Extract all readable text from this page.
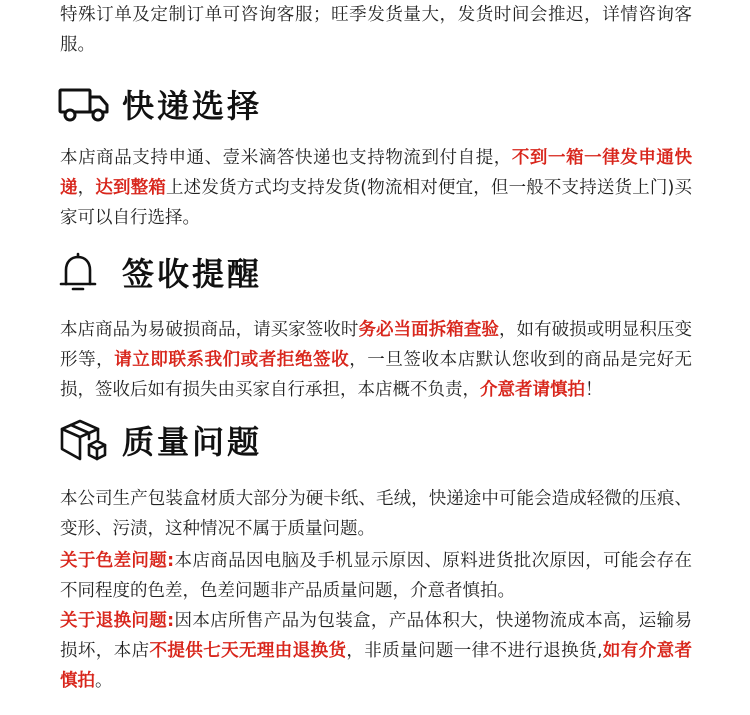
特殊订单及定制订单可咨询客服；旺季发货量大，发货时间会推迟，详情咨询客服。

快递选择

本店商品支持申通、壹米滴答快递也支持物流到付自提，不到一箱一律发申通快递，达到整箱上述发货方式均支持发货(物流相对便宜，但一般不支持送货上门)买家可以自行选择。

签收提醒

本店商品为易破损商品，请买家签收时务必当面拆箱查验，如有破损或明显积压变形等，请立即联系我们或者拒绝签收，一旦签收本店默认您收到的商品是完好无损，签收后如有损失由买家自行承担，本店概不负责，介意者请慎拍！

质量问题

本公司生产包装盒材质大部分为硬卡纸、毛绒，快递途中可能会造成轻微的压痕、变形、污渍，这种情况不属于质量问题。

关于色差问题:本店商品因电脑及手机显示原因、原料进货批次原因，可能会存在不同程度的色差，色差问题非产品质量问题，介意者慎拍。

关于退换问题:因本店所售产品为包装盒，产品体积大，快递物流成本高，运输易损坏，本店不提供七天无理由退换货，非质量问题一律不进行退换货,如有介意者慎拍。
